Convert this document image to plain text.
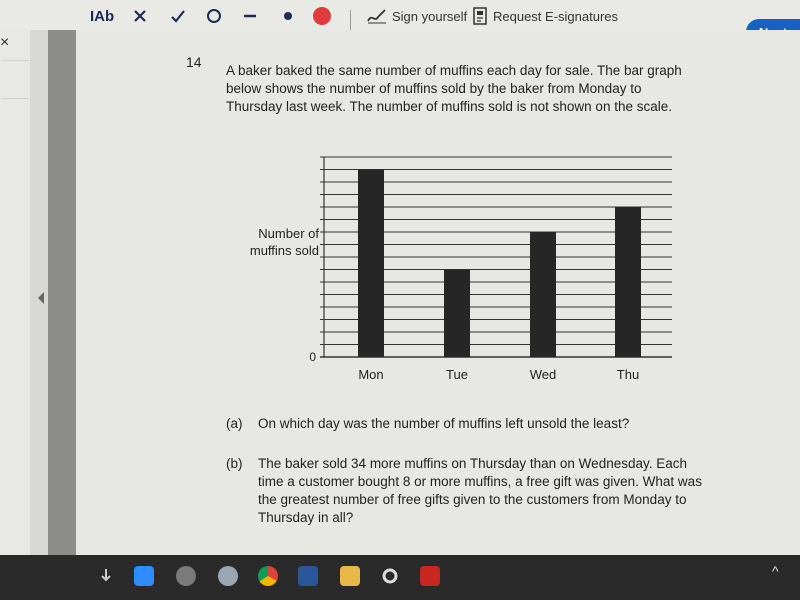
IAb	Sign yourself Request E-signatures
×
14
A baker baked the same number of muffins each day for sale. The bar graph below shows the number of muffins sold by the baker from Monday to Thursday last week. The number of muffins sold is not shown on the scale.
Number of
muffins sold
0
Mon	Tue	Wed	Thu
(a) On which day was the number of muffins left unsold the least?
(b) The baker sold 34 more muffins on Thursday than on Wednesday. Each time a customer bought 8 or more muffins, a free gift was given. What was the greatest number of free gifts given to the customers from Monday to Thursday in all?
^
